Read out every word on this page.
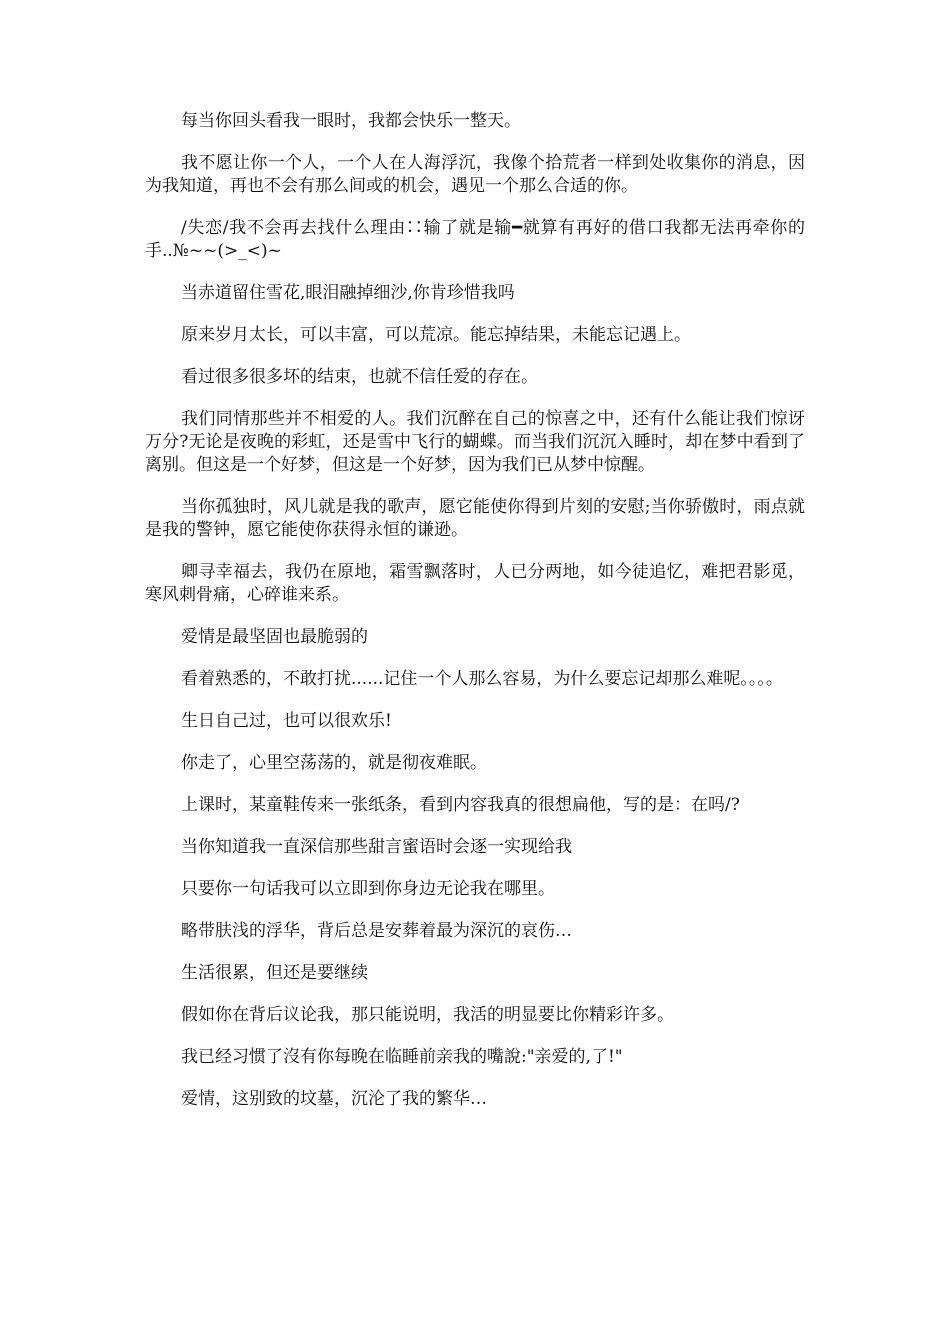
每当你回头看我一眼时，我都会快乐一整天。

我不愿让你一个人，一个人在人海浮沉，我像个拾荒者一样到处收集你的消息，因为我知道，再也不会有那么间或的机会，遇见一个那么合适的你。

/失恋/我不会再去找什么理由∷输了就是输━就算有再好的借口我都无法再牵你的手..№~~(>_<)~

当赤道留住雪花,眼泪融掉细沙,你肯珍惜我吗

原来岁月太长，可以丰富，可以荒凉。能忘掉结果，未能忘记遇上。

看过很多很多坏的结束，也就不信任爱的存在。

我们同情那些并不相爱的人。我们沉醉在自己的惊喜之中，还有什么能让我们惊讶万分?无论是夜晚的彩虹，还是雪中飞行的蝴蝶。而当我们沉沉入睡时，却在梦中看到了离别。但这是一个好梦，但这是一个好梦，因为我们已从梦中惊醒。

当你孤独时，风儿就是我的歌声，愿它能使你得到片刻的安慰;当你骄傲时，雨点就是我的警钟，愿它能使你获得永恒的谦逊。

卿寻幸福去，我仍在原地，霜雪飘落时，人已分两地，如今徒追忆，难把君影觅，寒风刺骨痛，心碎谁来系。

爱情是最坚固也最脆弱的

看着熟悉的，不敢打扰......记住一个人那么容易，为什么要忘记却那么难呢。。。。

生日自己过，也可以很欢乐!

你走了，心里空荡荡的，就是彻夜难眠。

上课时，某童鞋传来一张纸条，看到内容我真的很想扁他，写的是：在吗/?

当你知道我一直深信那些甜言蜜语时会逐一实现给我

只要你一句话我可以立即到你身边无论我在哪里。

略带肤浅的浮华，背后总是安葬着最为深沉的哀伤…

生活很累，但还是要继续

假如你在背后议论我，那只能说明，我活的明显要比你精彩许多。

我已经习惯了沒有你每晚在临睡前亲我的嘴說:"亲爱的,了!"

爱情，这别致的坟墓，沉沦了我的繁华…
